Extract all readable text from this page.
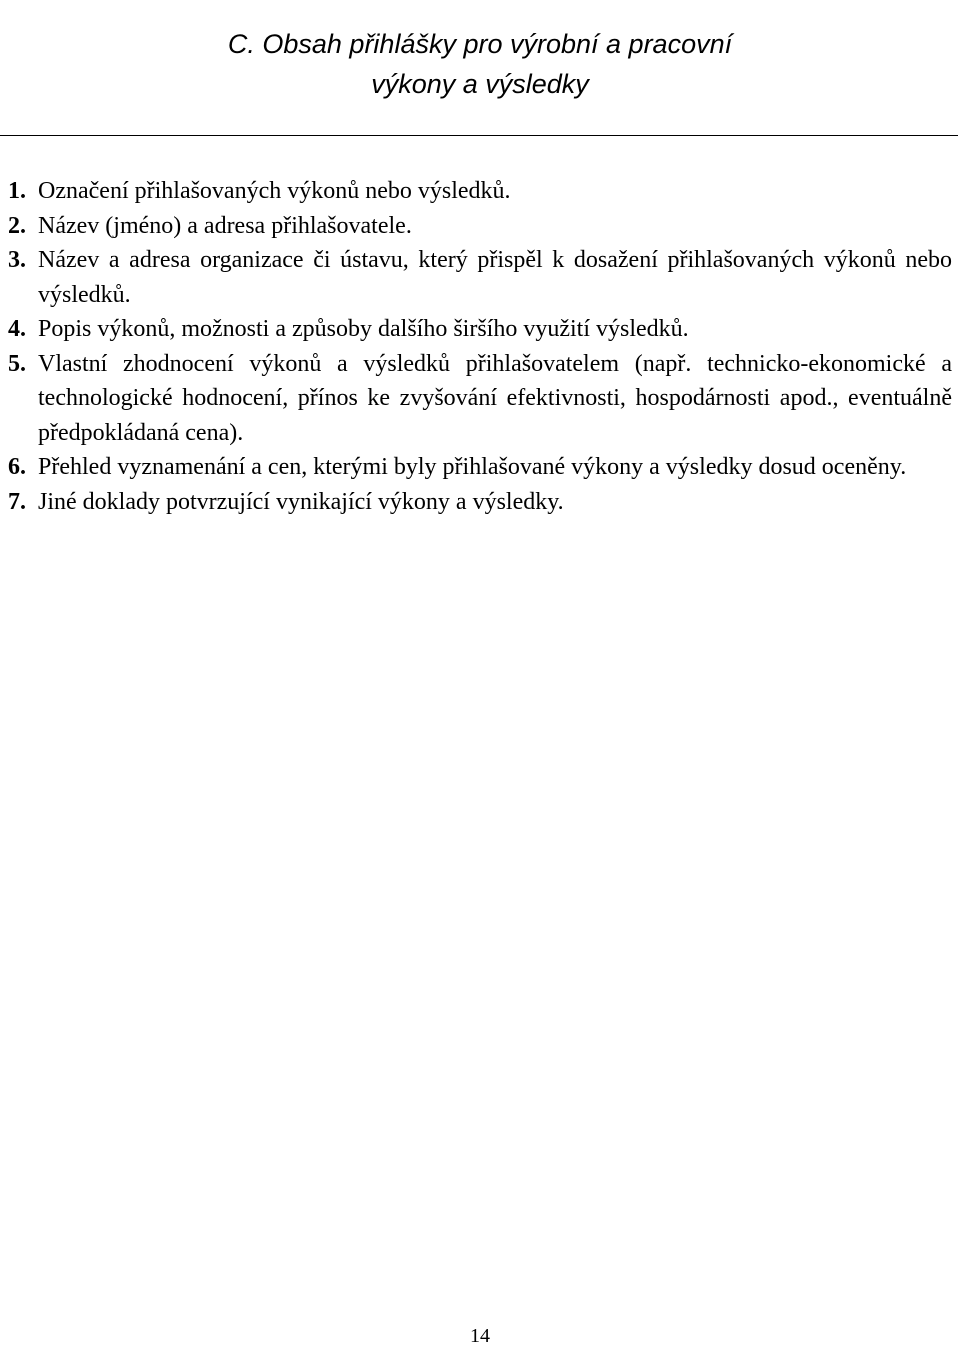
C. Obsah přihlášky pro výrobní a pracovní
výkony a výsledky
1. Označení přihlašovaných výkonů nebo výsledků.
2. Název (jméno) a adresa přihlašovatele.
3. Název a adresa organizace či ústavu, který přispěl k dosažení přihlašovaných výkonů nebo výsledků.
4. Popis výkonů, možnosti a způsoby dalšího širšího využití výsledků.
5. Vlastní zhodnocení výkonů a výsledků přihlašovatelem (např. technicko-ekonomické a technologické hodnocení, přínos ke zvyšování efektivnosti, hospodárnosti apod., eventuálně předpokládaná cena).
6. Přehled vyznamenání a cen, kterými byly přihlašované výkony a výsledky dosud oceněny.
7. Jiné doklady potvrzující vynikající výkony a výsledky.
14
